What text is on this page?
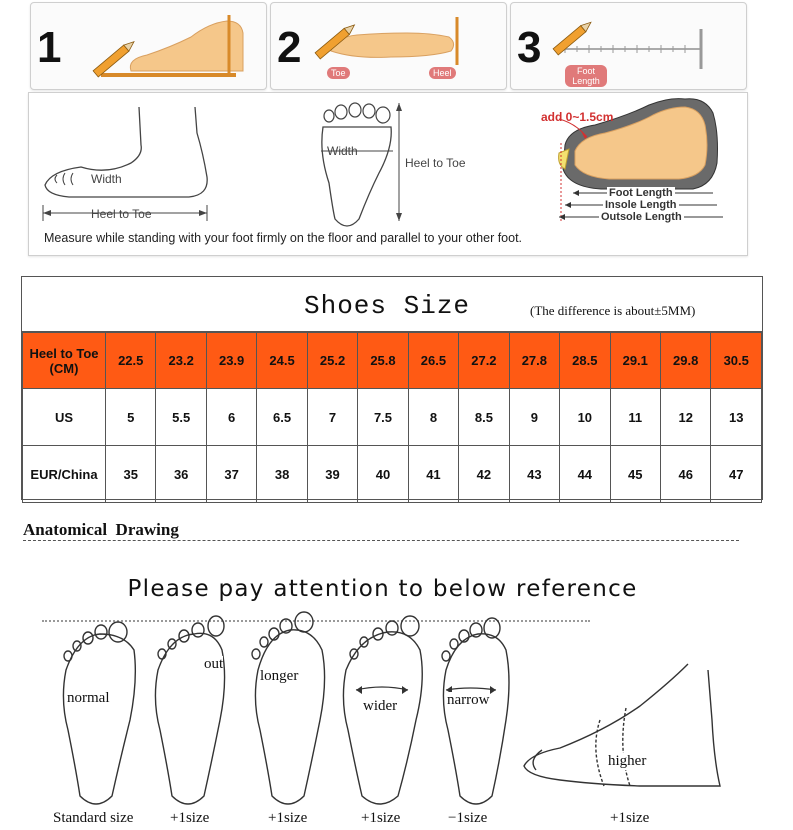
1	2
Toe	Heel
3	Foot Length
Width
Heel to Toe
Width
Heel to Toe
add 0~1.5cm
Foot Length
Insole Length
Outsole Length
Measure while standing with your foot firmly on the floor and parallel to your other foot.
Shoes Size	(The difference is about±5MM)
Heel to Toe (CM)	22.5	23.2	23.9	24.5	25.2	25.8	26.5	27.2	27.8	28.5	29.1	29.8	30.5
US	5	5.5	6	6.5	7	7.5	8	8.5	9	10	11	12	13
EUR/China	35	36	37	38	39	40	41	42	43	44	45	46	47
Anatomical  Drawing
Please pay attention to below reference
normal
out
longer
wider	narrow
higher
Standard size +1size	+1size	+1size	−1size	+1size
